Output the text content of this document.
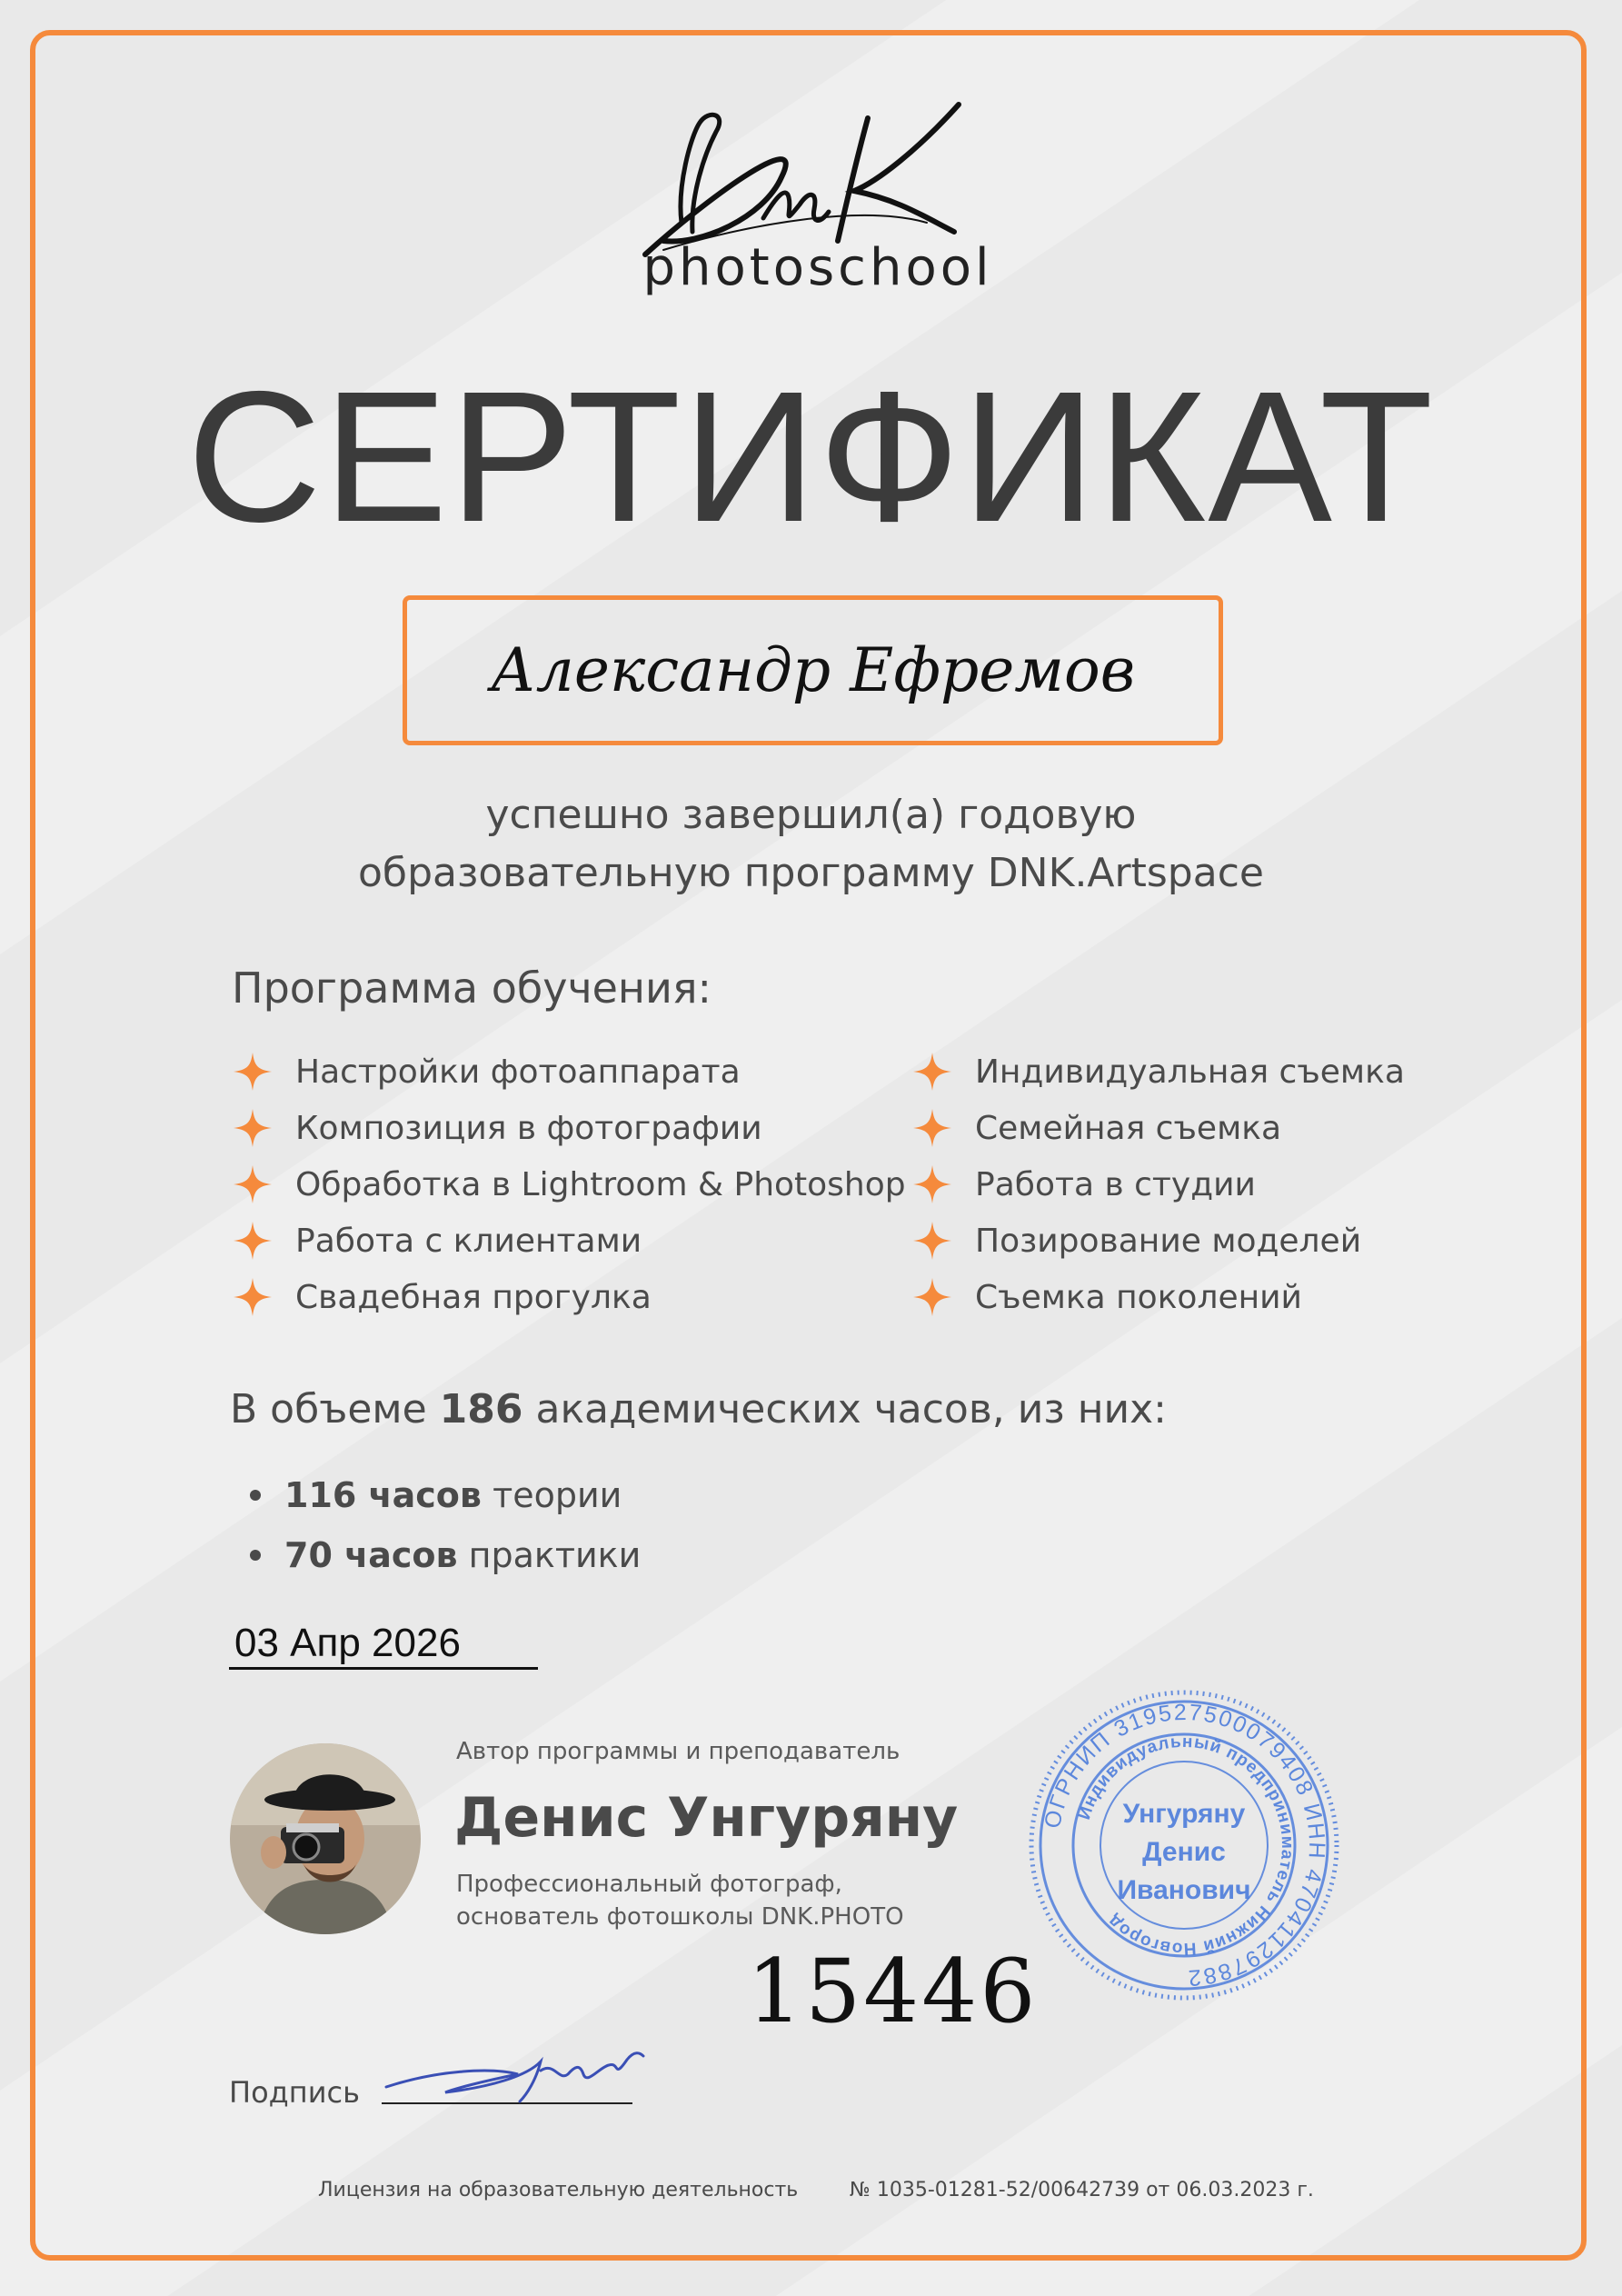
photoschool
СЕРТИФИКАТ
Александр Ефремов
успешно завершил(а) годовую
образовательную программу DNK.Artspace
Программа обучения:
Настройки фотоаппарата
Композиция в фотографии
Обработка в Lightroom & Photoshop
Работа с клиентами
Свадебная прогулка
Индивидуальная съемка
Семейная съемка
Работа в студии
Позирование моделей
Съемка поколений
В объеме 186 академических часов, из них:
116 часов
теории
70 часов
практики
03 Апр 2026
Автор программы и преподаватель
Денис Унгуряну
Профессиональный фотограф,
основатель фотошколы DNK.PHOTO
15446
ОГРНИП 319527500079408 ИНН 470411297882
Индивидуальный предприниматель Нижний Новгород
Унгуряну
Денис
Иванович
Подпись
Лицензия на образовательную деятельность	№ 1035-01281-52/00642739 от 06.03.2023 г.
